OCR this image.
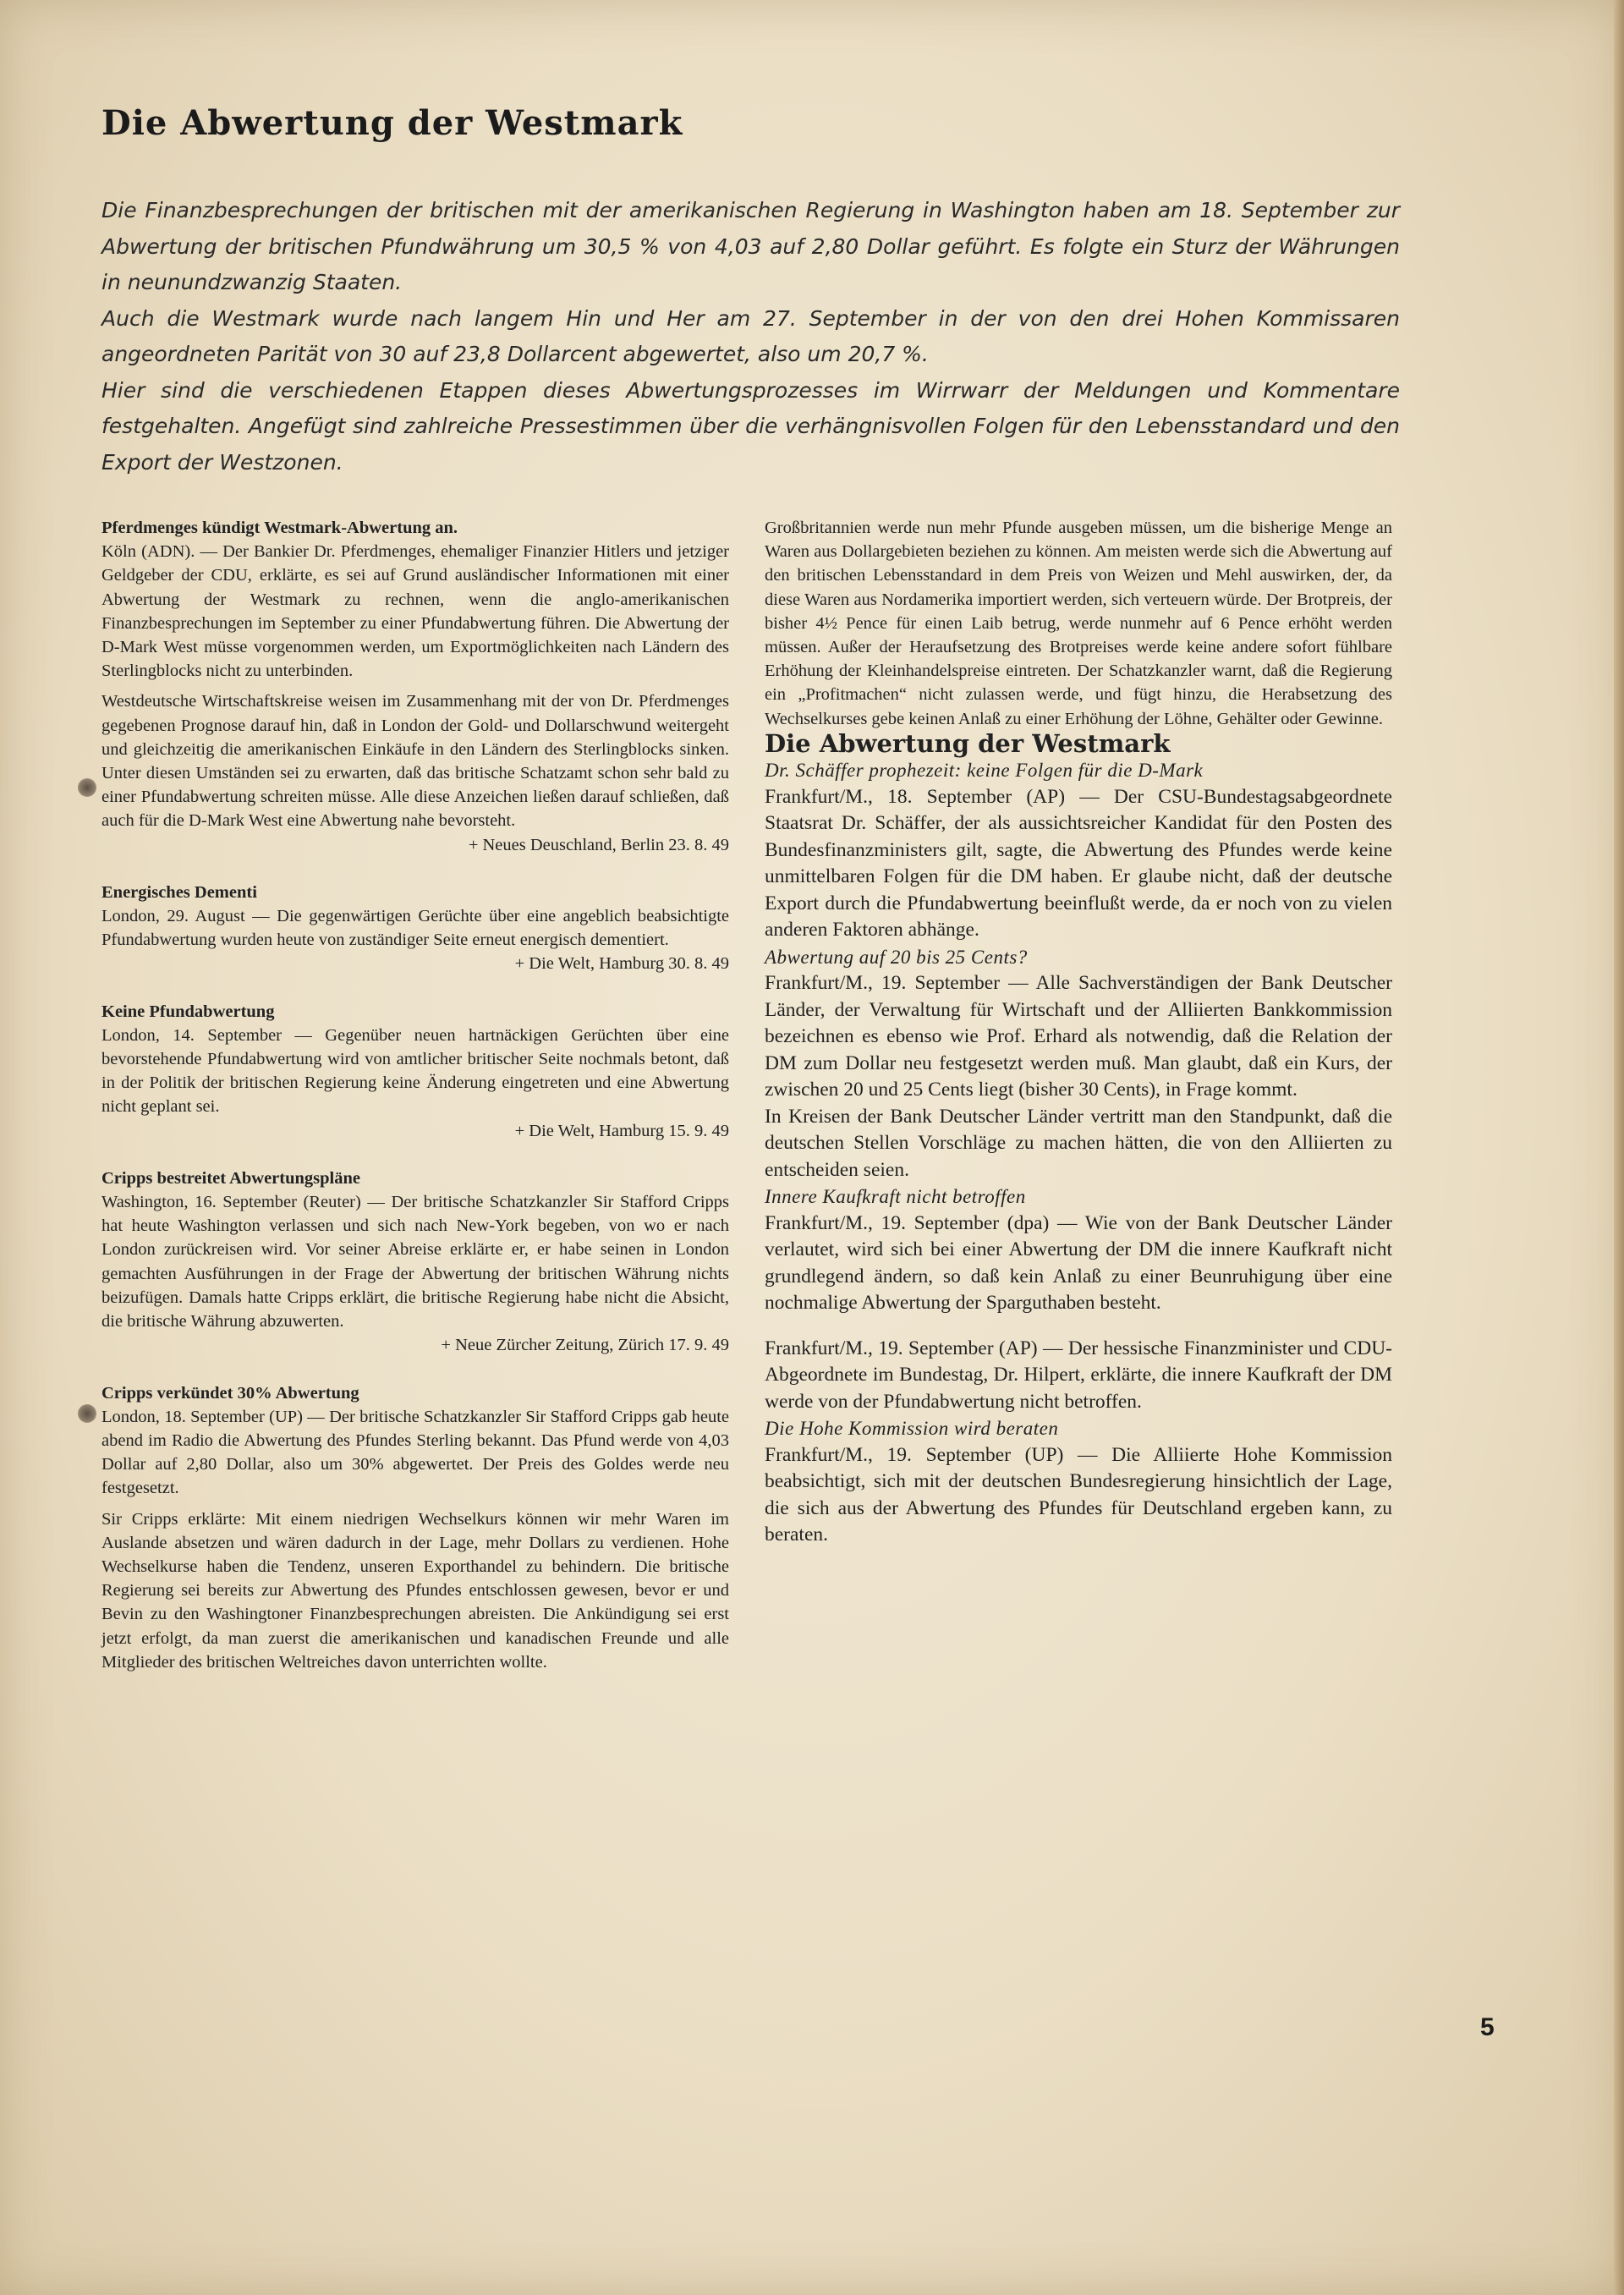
Die Abwertung der Westmark

Die Finanzbesprechungen der britischen mit der amerikanischen Regierung in Washington haben am 18. September zur Abwertung der britischen Pfundwährung um 30,5 % von 4,03 auf 2,80 Dollar geführt. Es folgte ein Sturz der Währungen in neunundzwanzig Staaten.

Auch die Westmark wurde nach langem Hin und Her am 27. September in der von den drei Hohen Kommissaren angeordneten Parität von 30 auf 23,8 Dollarcent abgewertet, also um 20,7 %.

Hier sind die verschiedenen Etappen dieses Abwertungsprozesses im Wirrwarr der Meldungen und Kommentare festgehalten. Angefügt sind zahlreiche Pressestimmen über die verhängnisvollen Folgen für den Lebensstandard und den Export der Westzonen.

Pferdmenges kündigt Westmark-Abwertung an.

Köln (ADN). — Der Bankier Dr. Pferdmenges, ehemaliger Finanzier Hitlers und jetziger Geldgeber der CDU, erklärte, es sei auf Grund ausländischer Informationen mit einer Abwertung der Westmark zu rechnen, wenn die anglo-amerikanischen Finanzbesprechungen im September zu einer Pfundabwertung führen. Die Abwertung der D-Mark West müsse vorgenommen werden, um Exportmöglichkeiten nach Ländern des Sterlingblocks nicht zu unterbinden.

Westdeutsche Wirtschaftskreise weisen im Zusammenhang mit der von Dr. Pferdmenges gegebenen Prognose darauf hin, daß in London der Gold- und Dollarschwund weitergeht und gleichzeitig die amerikanischen Einkäufe in den Ländern des Sterlingblocks sinken. Unter diesen Umständen sei zu erwarten, daß das britische Schatzamt schon sehr bald zu einer Pfundabwertung schreiten müsse. Alle diese Anzeichen ließen darauf schließen, daß auch für die D-Mark West eine Abwertung nahe bevorsteht.

+ Neues Deuschland, Berlin 23. 8. 49

Energisches Dementi

London, 29. August — Die gegenwärtigen Gerüchte über eine angeblich beabsichtigte Pfundabwertung wurden heute von zuständiger Seite erneut energisch dementiert.

+ Die Welt, Hamburg 30. 8. 49

Keine Pfundabwertung

London, 14. September — Gegenüber neuen hartnäckigen Gerüchten über eine bevorstehende Pfundabwertung wird von amtlicher britischer Seite nochmals betont, daß in der Politik der britischen Regierung keine Änderung eingetreten und eine Abwertung nicht geplant sei.

+ Die Welt, Hamburg 15. 9. 49

Cripps bestreitet Abwertungspläne

Washington, 16. September (Reuter) — Der britische Schatzkanzler Sir Stafford Cripps hat heute Washington verlassen und sich nach New-York begeben, von wo er nach London zurückreisen wird. Vor seiner Abreise erklärte er, er habe seinen in London gemachten Ausführungen in der Frage der Abwertung der britischen Währung nichts beizufügen. Damals hatte Cripps erklärt, die britische Regierung habe nicht die Absicht, die britische Währung abzuwerten.

+ Neue Zürcher Zeitung, Zürich 17. 9. 49

Cripps verkündet 30% Abwertung

London, 18. September (UP) — Der britische Schatzkanzler Sir Stafford Cripps gab heute abend im Radio die Abwertung des Pfundes Sterling bekannt. Das Pfund werde von 4,03 Dollar auf 2,80 Dollar, also um 30% abgewertet. Der Preis des Goldes werde neu festgesetzt.

Sir Cripps erklärte: Mit einem niedrigen Wechselkurs können wir mehr Waren im Auslande absetzen und wären dadurch in der Lage, mehr Dollars zu verdienen. Hohe Wechselkurse haben die Tendenz, unseren Exporthandel zu behindern. Die britische Regierung sei bereits zur Abwertung des Pfundes entschlossen gewesen, bevor er und Bevin zu den Washingtoner Finanzbesprechungen abreisten. Die Ankündigung sei erst jetzt erfolgt, da man zuerst die amerikanischen und kanadischen Freunde und alle Mitglieder des britischen Weltreiches davon unterrichten wollte.

Großbritannien werde nun mehr Pfunde ausgeben müssen, um die bisherige Menge an Waren aus Dollargebieten beziehen zu können. Am meisten werde sich die Abwertung auf den britischen Lebensstandard in dem Preis von Weizen und Mehl auswirken, der, da diese Waren aus Nordamerika importiert werden, sich verteuern würde. Der Brotpreis, der bisher 4½ Pence für einen Laib betrug, werde nunmehr auf 6 Pence erhöht werden müssen. Außer der Heraufsetzung des Brotpreises werde keine andere sofort fühlbare Erhöhung der Kleinhandelspreise eintreten. Der Schatzkanzler warnt, daß die Regierung ein „Profitmachen“ nicht zulassen werde, und fügt hinzu, die Herabsetzung des Wechselkurses gebe keinen Anlaß zu einer Erhöhung der Löhne, Gehälter oder Gewinne.

Die Abwertung der Westmark

Dr. Schäffer prophezeit: keine Folgen für die D-Mark

Frankfurt/M., 18. September (AP) — Der CSU-Bundestagsabgeordnete Staatsrat Dr. Schäffer, der als aussichtsreicher Kandidat für den Posten des Bundesfinanzministers gilt, sagte, die Abwertung des Pfundes werde keine unmittelbaren Folgen für die DM haben. Er glaube nicht, daß der deutsche Export durch die Pfundabwertung beeinflußt werde, da er noch von zu vielen anderen Faktoren abhänge.

Abwertung auf 20 bis 25 Cents?

Frankfurt/M., 19. September — Alle Sachverständigen der Bank Deutscher Länder, der Verwaltung für Wirtschaft und der Alliierten Bankkommission bezeichnen es ebenso wie Prof. Erhard als notwendig, daß die Relation der DM zum Dollar neu festgesetzt werden muß. Man glaubt, daß ein Kurs, der zwischen 20 und 25 Cents liegt (bisher 30 Cents), in Frage kommt.

In Kreisen der Bank Deutscher Länder vertritt man den Standpunkt, daß die deutschen Stellen Vorschläge zu machen hätten, die von den Alliierten zu entscheiden seien.

Innere Kaufkraft nicht betroffen

Frankfurt/M., 19. September (dpa) — Wie von der Bank Deutscher Länder verlautet, wird sich bei einer Abwertung der DM die innere Kaufkraft nicht grundlegend ändern, so daß kein Anlaß zu einer Beunruhigung über eine nochmalige Abwertung der Sparguthaben besteht.

Frankfurt/M., 19. September (AP) — Der hessische Finanzminister und CDU-Abgeordnete im Bundestag, Dr. Hilpert, erklärte, die innere Kaufkraft der DM werde von der Pfundabwertung nicht betroffen.

Die Hohe Kommission wird beraten

Frankfurt/M., 19. September (UP) — Die Alliierte Hohe Kommission beabsichtigt, sich mit der deutschen Bundesregierung hinsichtlich der Lage, die sich aus der Abwertung des Pfundes für Deutschland ergeben kann, zu beraten.

5
